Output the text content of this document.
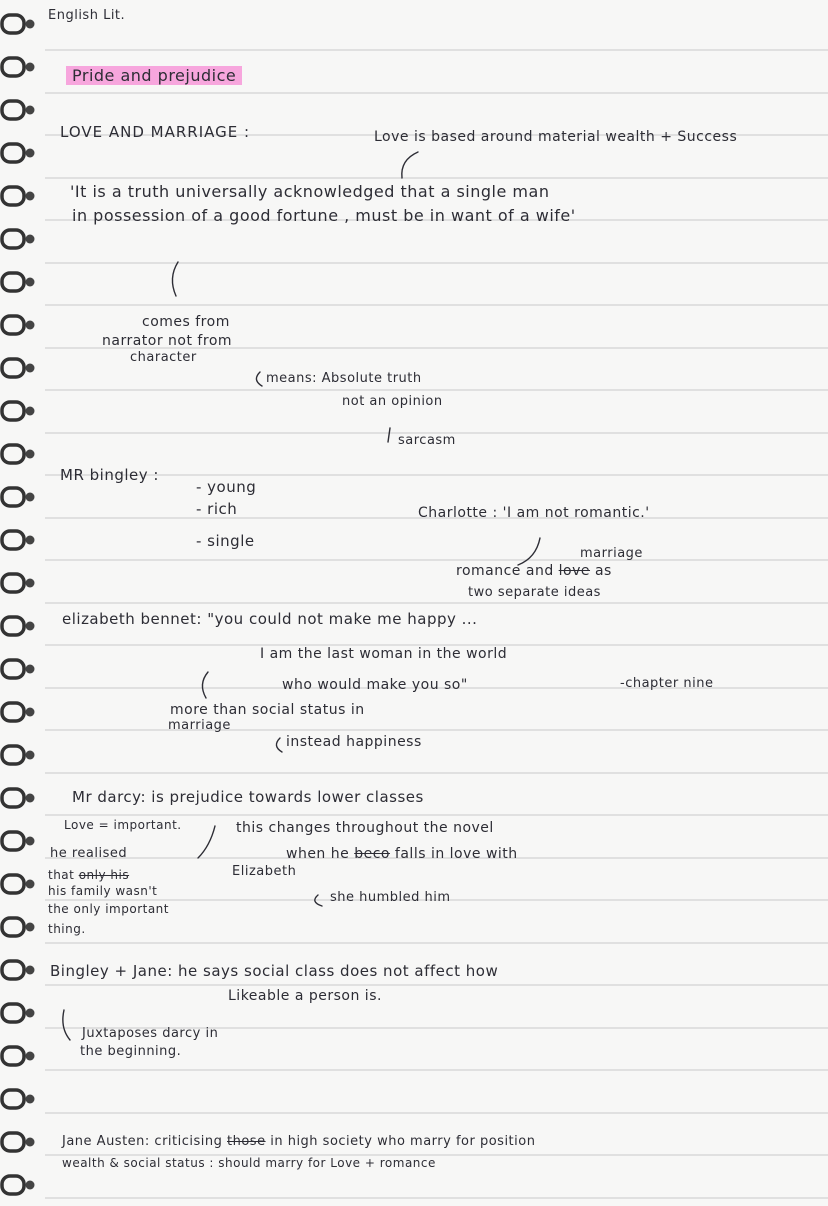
English Lit.
Pride and prejudice
LOVE AND MARRIAGE :	Love is based around material wealth + Success
'It is a truth universally acknowledged that a single man
in possession of a good fortune , must be in want of a wife'
comes from
narrator not from
character
means: Absolute truth
not an opinion
sarcasm
MR bingley :
- young
- rich
- single
Charlotte : 'I am not romantic.'
marriage
romance and love as
two separate ideas
elizabeth bennet: "you could not make me happy ...
I am the last woman in the world
who would make you so"	-chapter nine
more than social status in
marriage
instead happiness
Mr darcy: is prejudice towards lower classes
Love = important.	this changes throughout the novel
when he beco falls in love with
Elizabeth
she humbled him
he realised
that only his
his family wasn't
the only important
thing.
Bingley + Jane: he says social class does not affect how
Likeable a person is.
Juxtaposes darcy in
the beginning.
Jane Austen: criticising those in high society who marry for position
wealth & social status : should marry for Love + romance
